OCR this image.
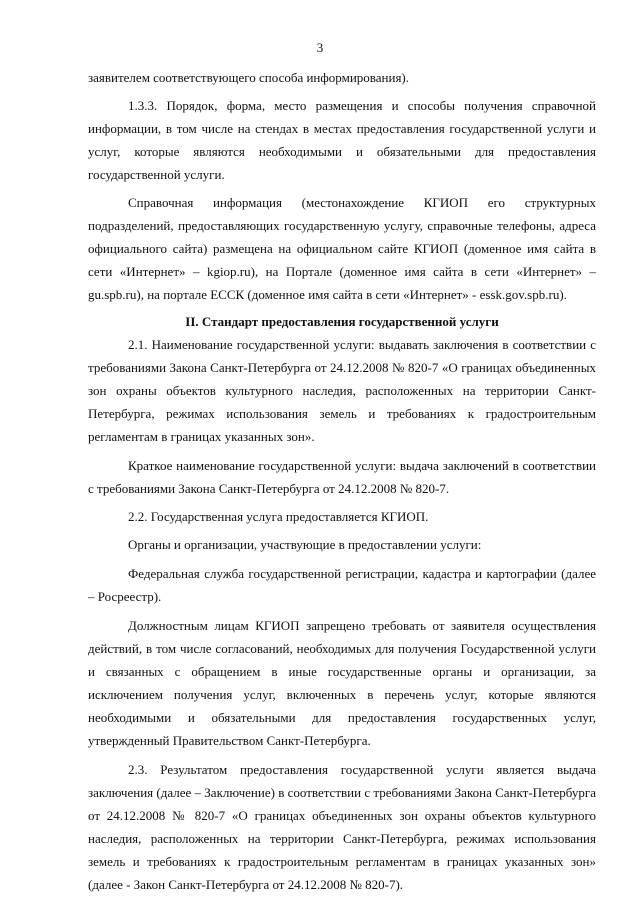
3

заявителем соответствующего способа информирования).

1.3.3. Порядок, форма, место размещения и способы получения справочной информации, в том числе на стендах в местах предоставления государственной услуги и услуг, которые являются необходимыми и обязательными для предоставления государственной услуги.

Справочная информация (местонахождение КГИОП его структурных подразделений, предоставляющих государственную услугу, справочные телефоны, адреса официального сайта) размещена на официальном сайте КГИОП (доменное имя сайта в сети «Интернет» – kgiop.ru), на Портале (доменное имя сайта в сети «Интернет» – gu.spb.ru), на портале ЕССК (доменное имя сайта в сети «Интернет» - essk.gov.spb.ru).

II. Стандарт предоставления государственной услуги

2.1. Наименование государственной услуги: выдавать заключения в соответствии с требованиями Закона Санкт-Петербурга от 24.12.2008 № 820-7 «О границах объединенных зон охраны объектов культурного наследия, расположенных на территории Санкт-Петербурга, режимах использования земель и требованиях к градостроительным регламентам в границах указанных зон».

Краткое наименование государственной услуги: выдача заключений в соответствии с требованиями Закона Санкт-Петербурга от 24.12.2008 № 820-7.

2.2. Государственная услуга предоставляется КГИОП.

Органы и организации, участвующие в предоставлении услуги:

Федеральная служба государственной регистрации, кадастра и картографии (далее – Росреестр).

Должностным лицам КГИОП запрещено требовать от заявителя осуществления действий, в том числе согласований, необходимых для получения Государственной услуги и связанных с обращением в иные государственные органы и организации, за исключением получения услуг, включенных в перечень услуг, которые являются необходимыми и обязательными для предоставления государственных услуг, утвержденный Правительством Санкт-Петербурга.

2.3. Результатом предоставления государственной услуги является выдача заключения (далее – Заключение) в соответствии с требованиями Закона Санкт-Петербурга от 24.12.2008 № 820-7 «О границах объединенных зон охраны объектов культурного наследия, расположенных на территории Санкт-Петербурга, режимах использования земель и требованиях к градостроительным регламентам в границах указанных зон» (далее - Закон Санкт-Петербурга от 24.12.2008 № 820-7).
